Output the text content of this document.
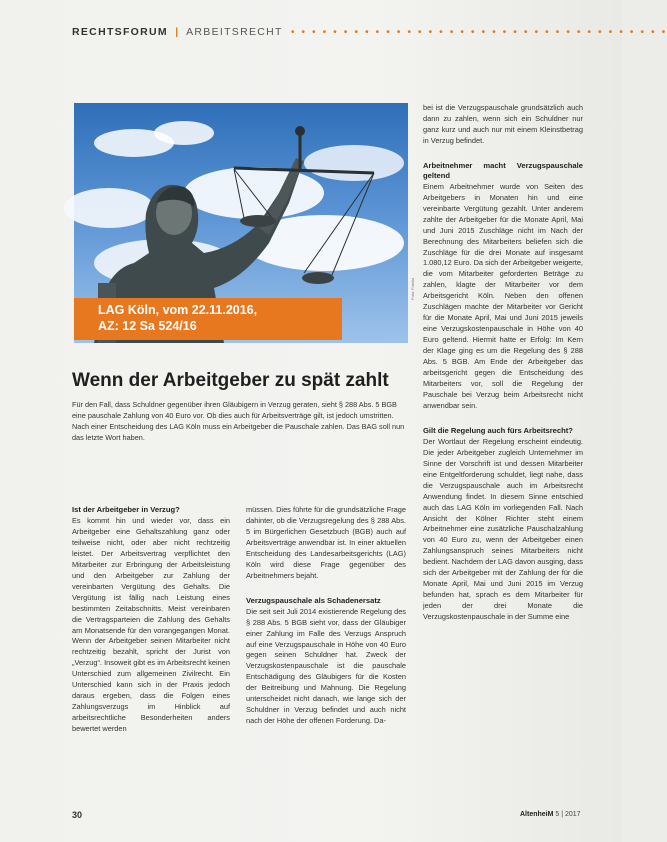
RECHTSFORUM | ARBEITSRECHT • • • • • • • • • • • • • • • • • • • • • • • • • • • • • • • • • • • •
LAG Köln, vom 22.11.2016,
AZ: 12 Sa 524/16
Foto: Fotolia
Wenn der Arbeitgeber zu spät zahlt
Für den Fall, dass Schuldner gegenüber ihren Gläubigern in Verzug geraten, sieht § 288 Abs. 5 BGB eine pauschale Zahlung von 40 Euro vor. Ob dies auch für Arbeitsverträge gilt, ist jedoch umstritten. Nach einer Entscheidung des LAG Köln muss ein Arbeitgeber die Pauschale zahlen. Das BAG soll nun das letzte Wort haben.
Ist der Arbeitgeber in Verzug?

Es kommt hin und wieder vor, dass ein Arbeitgeber eine Gehaltszahlung ganz oder teilweise nicht, oder aber nicht rechtzeitig leistet. Der Arbeitsvertrag verpflichtet den Mitarbeiter zur Erbringung der Arbeitsleistung und den Arbeitgeber zur Zahlung der vereinbarten Vergütung des Gehalts. Die Vergütung ist fällig nach Leistung eines bestimmten Zeitabschnitts. Meist vereinbaren die Vertragsparteien die Zahlung des Gehalts am Monatsende für den vorangegangen Monat. Wenn der Arbeitgeber seinen Mitarbeiter nicht rechtzeitig bezahlt, spricht der Jurist von „Verzug“. Insoweit gibt es im Arbeitsrecht keinen Unterschied zum allgemeinen Zivilrecht. Ein Unterschied kann sich in der Praxis jedoch daraus ergeben, dass die Folgen eines Zahlungsverzugs im Hinblick auf arbeitsrechtliche Besonderheiten anders bewertet werden

müssen. Dies führte für die grundsätzliche Frage dahinter, ob die Verzugsregelung des § 288 Abs. 5 im Bürgerlichen Gesetzbuch (BGB) auch auf Arbeitsverträge anwendbar ist. In einer aktuellen Entscheidung des Landesarbeitsgerichts (LAG) Köln wird diese Frage gegenüber des Arbeitnehmers bejaht.

Verzugspauschale als Schadenersatz

Die seit seit Juli 2014 existierende Regelung des § 288 Abs. 5 BGB sieht vor, dass der Gläubiger einer Zahlung im Falle des Verzugs Anspruch auf eine Verzugspauschale in Höhe von 40 Euro gegen seinen Schuldner hat. Zweck der Verzugskostenpauschale ist die pauschale Entschädigung des Gläubigers für die Kosten der Beitreibung und Mahnung. Die Regelung unterscheidet nicht danach, wie lange sich der Schuldner in Verzug befindet und auch nicht nach der Höhe der offenen Forderung. Da-

bei ist die Verzugspauschale grundsätzlich auch dann zu zahlen, wenn sich ein Schuldner nur ganz kurz und auch nur mit einem Kleinstbetrag in Verzug befindet.

Arbeitnehmer macht Verzugspauschale geltend

Einem Arbeitnehmer wurde von Seiten des Arbeitgebers in Monaten hin und eine vereinbarte Vergütung gezahlt. Unter anderem zahlte der Arbeitgeber für die Monate April, Mai und Juni 2015 Zuschläge nicht im Nach der Berechnung des Mitarbeiters beliefen sich die Zuschläge für die drei Monate auf insgesamt 1.080,12 Euro. Da sich der Arbeitgeber weigerte, die vom Mitarbeiter geforderten Beträge zu zahlen, klagte der Mitarbeiter vor dem Arbeitsgericht Köln. Neben den offenen Zuschlägen machte der Mitarbeiter vor Gericht für die Monate April, Mai und Juni 2015 jeweils eine Verzugskostenpauschale in Höhe von 40 Euro geltend. Hiermit hatte er Erfolg: Im Kern der Klage ging es um die Regelung des § 288 Abs. 5 BGB. Am Ende der Arbeitgeber das arbeitsgericht gegen die Entscheidung des Mitarbeiters vor, soll die Regelung der Pauschale bei Verzug beim Arbeitsrecht nicht anwendbar sein.

Gilt die Regelung auch fürs Arbeitsrecht?

Der Wortlaut der Regelung erscheint eindeutig. Die jeder Arbeitgeber zugleich Unternehmer im Sinne der Vorschrift ist und dessen Mitarbeiter eine Entgeltforderung schuldet, liegt nahe, dass die Verzugspauschale auch im Arbeitsrecht Anwendung findet. In diesem Sinne entschied auch das LAG Köln im vorliegenden Fall. Nach Ansicht der Kölner Richter steht einem Arbeitnehmer eine zusätzliche Pauschalzahlung von 40 Euro zu, wenn der Arbeitgeber einen Zahlungsanspruch seines Mitarbeiters nicht bedient. Nachdem der LAG davon ausging, dass sich der Arbeitgeber mit der Zahlung der für die Monate April, Mai und Juni 2015 im Verzug befunden hat, sprach es dem Mitarbeiter für jeden der drei Monate die Verzugskostenpauschale in der Summe eine

30	AltenheiM 5 | 2017
